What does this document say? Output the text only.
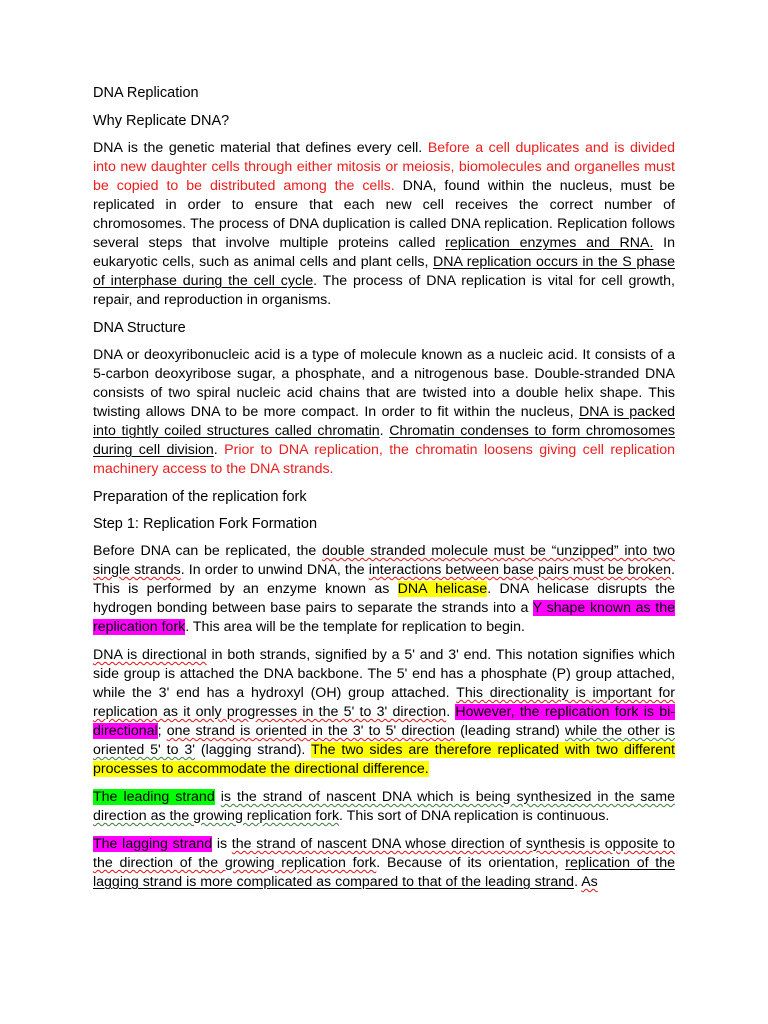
DNA Replication
Why Replicate DNA?

DNA is the genetic material that defines every cell. Before a cell duplicates and is divided into new daughter cells through either mitosis or meiosis, biomolecules and organelles must be copied to be distributed among the cells. DNA, found within the nucleus, must be replicated in order to ensure that each new cell receives the correct number of chromosomes. The process of DNA duplication is called DNA replication. Replication follows several steps that involve multiple proteins called replication enzymes and RNA. In eukaryotic cells, such as animal cells and plant cells, DNA replication occurs in the S phase of interphase during the cell cycle. The process of DNA replication is vital for cell growth, repair, and reproduction in organisms.

DNA Structure

DNA or deoxyribonucleic acid is a type of molecule known as a nucleic acid. It consists of a 5-carbon deoxyribose sugar, a phosphate, and a nitrogenous base. Double-stranded DNA consists of two spiral nucleic acid chains that are twisted into a double helix shape. This twisting allows DNA to be more compact. In order to fit within the nucleus, DNA is packed into tightly coiled structures called chromatin. Chromatin condenses to form chromosomes during cell division. Prior to DNA replication, the chromatin loosens giving cell replication machinery access to the DNA strands.

Preparation of the replication fork
Step 1: Replication Fork Formation

Before DNA can be replicated, the double stranded molecule must be “unzipped” into two single strands. In order to unwind DNA, the interactions between base pairs must be broken. This is performed by an enzyme known as DNA helicase. DNA helicase disrupts the hydrogen bonding between base pairs to separate the strands into a Y shape known as the replication fork. This area will be the template for replication to begin.

DNA is directional in both strands, signified by a 5' and 3' end. This notation signifies which side group is attached the DNA backbone. The 5' end has a phosphate (P) group attached, while the 3' end has a hydroxyl (OH) group attached. This directionality is important for replication as it only progresses in the 5' to 3' direction. However, the replication fork is bi-directional; one strand is oriented in the 3' to 5' direction (leading strand) while the other is oriented 5' to 3' (lagging strand). The two sides are therefore replicated with two different processes to accommodate the directional difference.

The leading strand is the strand of nascent DNA which is being synthesized in the same direction as the growing replication fork. This sort of DNA replication is continuous.

The lagging strand is the strand of nascent DNA whose direction of synthesis is opposite to the direction of the growing replication fork. Because of its orientation, replication of the lagging strand is more complicated as compared to that of the leading strand. As
